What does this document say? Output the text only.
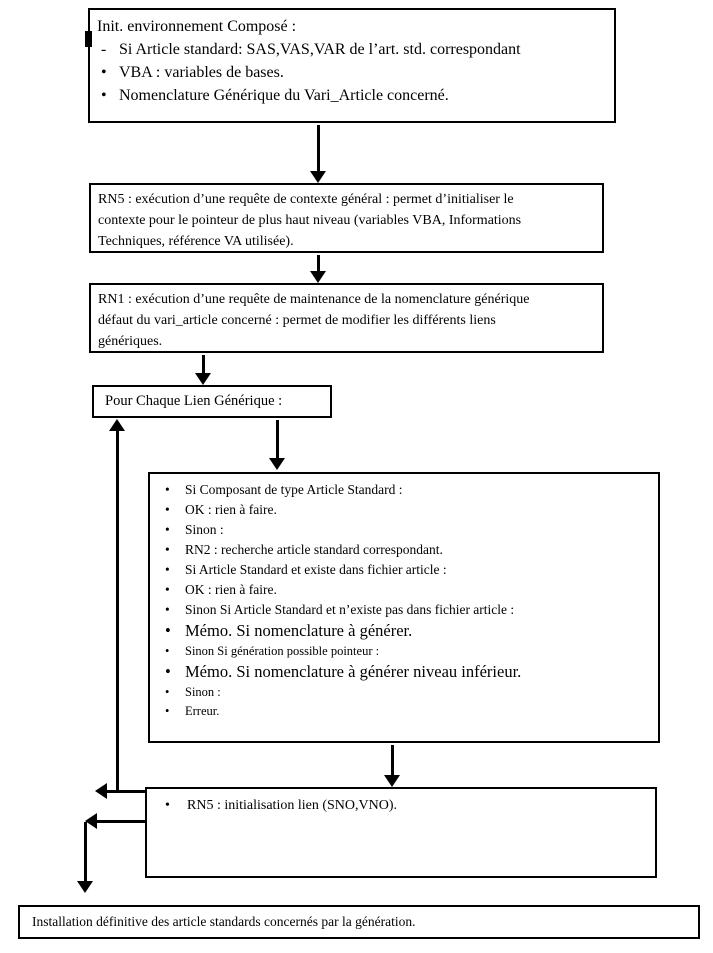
Init. environnement Composé :
- Si Article standard: SAS,VAS,VAR de l’art. std. correspondant
• VBA : variables de bases.
• Nomenclature Générique du Vari_Article concerné.
RN5 : exécution d’une requête de contexte général : permet d’initialiser le
contexte pour le pointeur de plus haut niveau (variables VBA, Informations
Techniques, référence VA utilisée).
RN1 : exécution d’une requête de maintenance de la nomenclature générique
défaut du vari_article concerné : permet de modifier les différents liens
génériques.
Pour Chaque Lien Générique :
•	Si Composant de type Article Standard :
•	OK : rien à faire.
•	Sinon :
•	RN2 : recherche article standard correspondant.
•	Si Article Standard et existe dans fichier article :
•	OK : rien à faire.
•	Sinon Si Article Standard et n’existe pas dans fichier article :
• Mémo. Si nomenclature à générer.
•	Sinon Si génération possible pointeur :
• Mémo. Si nomenclature à générer niveau inférieur.
•	Sinon :
•	Erreur.
•	RN5 : initialisation lien (SNO,VNO).
Installation définitive des article standards concernés par la génération.
